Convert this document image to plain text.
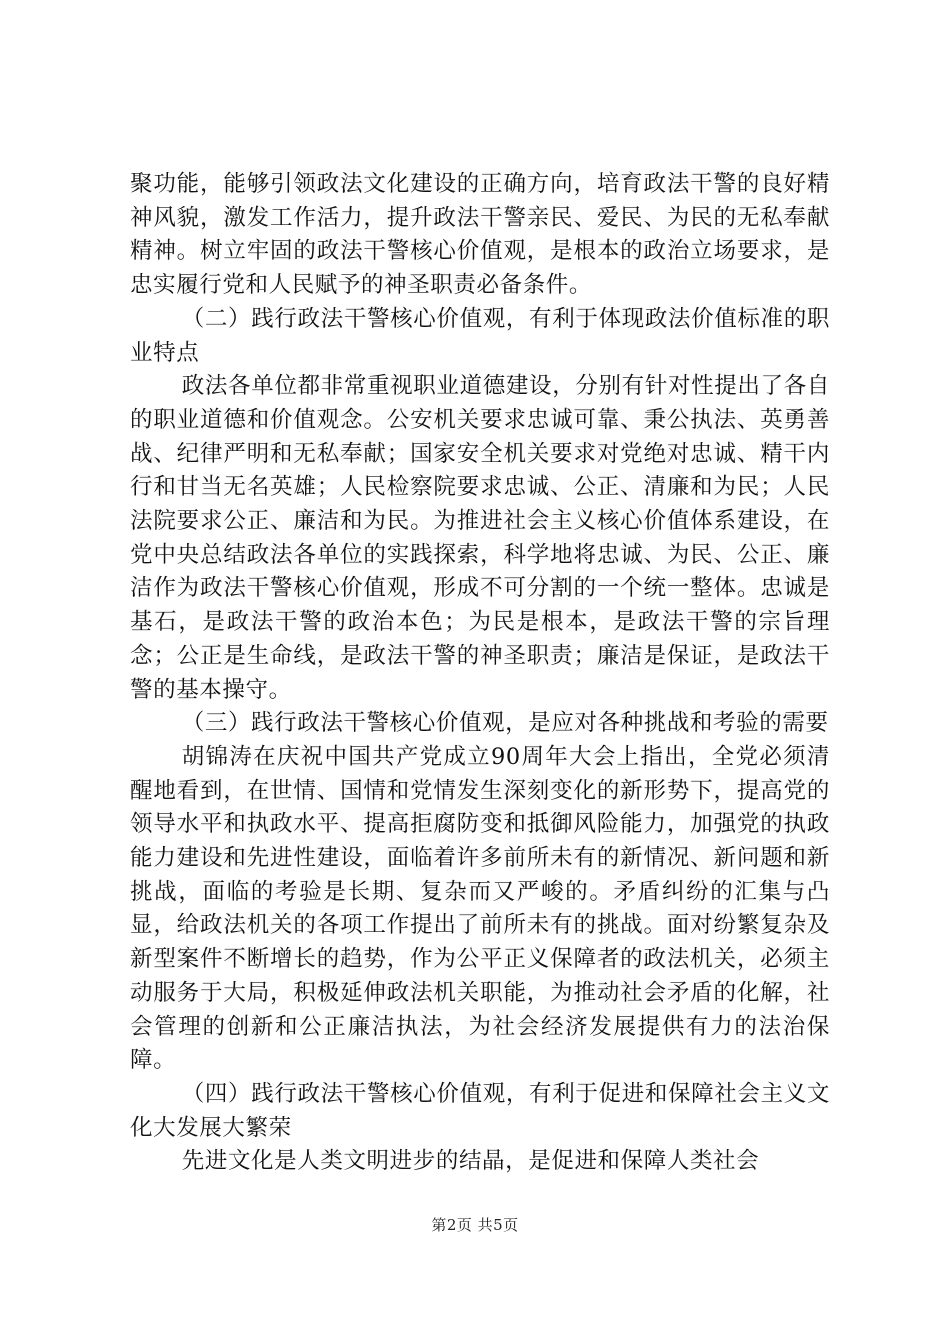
聚功能，能够引领政法文化建设的正确方向，培育政法干警的良好精神风貌，激发工作活力，提升政法干警亲民、爱民、为民的无私奉献精神。树立牢固的政法干警核心价值观，是根本的政治立场要求，是忠实履行党和人民赋予的神圣职责必备条件。

（二）践行政法干警核心价值观，有利于体现政法价值标准的职业特点

政法各单位都非常重视职业道德建设，分别有针对性提出了各自的职业道德和价值观念。公安机关要求忠诚可靠、秉公执法、英勇善战、纪律严明和无私奉献；国家安全机关要求对党绝对忠诚、精干内行和甘当无名英雄；人民检察院要求忠诚、公正、清廉和为民；人民法院要求公正、廉洁和为民。为推进社会主义核心价值体系建设，在党中央总结政法各单位的实践探索，科学地将忠诚、为民、公正、廉洁作为政法干警核心价值观，形成不可分割的一个统一整体。忠诚是基石，是政法干警的政治本色；为民是根本，是政法干警的宗旨理念；公正是生命线，是政法干警的神圣职责；廉洁是保证，是政法干警的基本操守。

（三）践行政法干警核心价值观，是应对各种挑战和考验的需要

胡锦涛在庆祝中国共产党成立90周年大会上指出，全党必须清醒地看到，在世情、国情和党情发生深刻变化的新形势下，提高党的领导水平和执政水平、提高拒腐防变和抵御风险能力，加强党的执政能力建设和先进性建设，面临着许多前所未有的新情况、新问题和新挑战，面临的考验是长期、复杂而又严峻的。矛盾纠纷的汇集与凸显，给政法机关的各项工作提出了前所未有的挑战。面对纷繁复杂及新型案件不断增长的趋势，作为公平正义保障者的政法机关，必须主动服务于大局，积极延伸政法机关职能，为推动社会矛盾的化解，社会管理的创新和公正廉洁执法，为社会经济发展提供有力的法治保障。

（四）践行政法干警核心价值观，有利于促进和保障社会主义文化大发展大繁荣

先进文化是人类文明进步的结晶，是促进和保障人类社会

第2页 共5页
